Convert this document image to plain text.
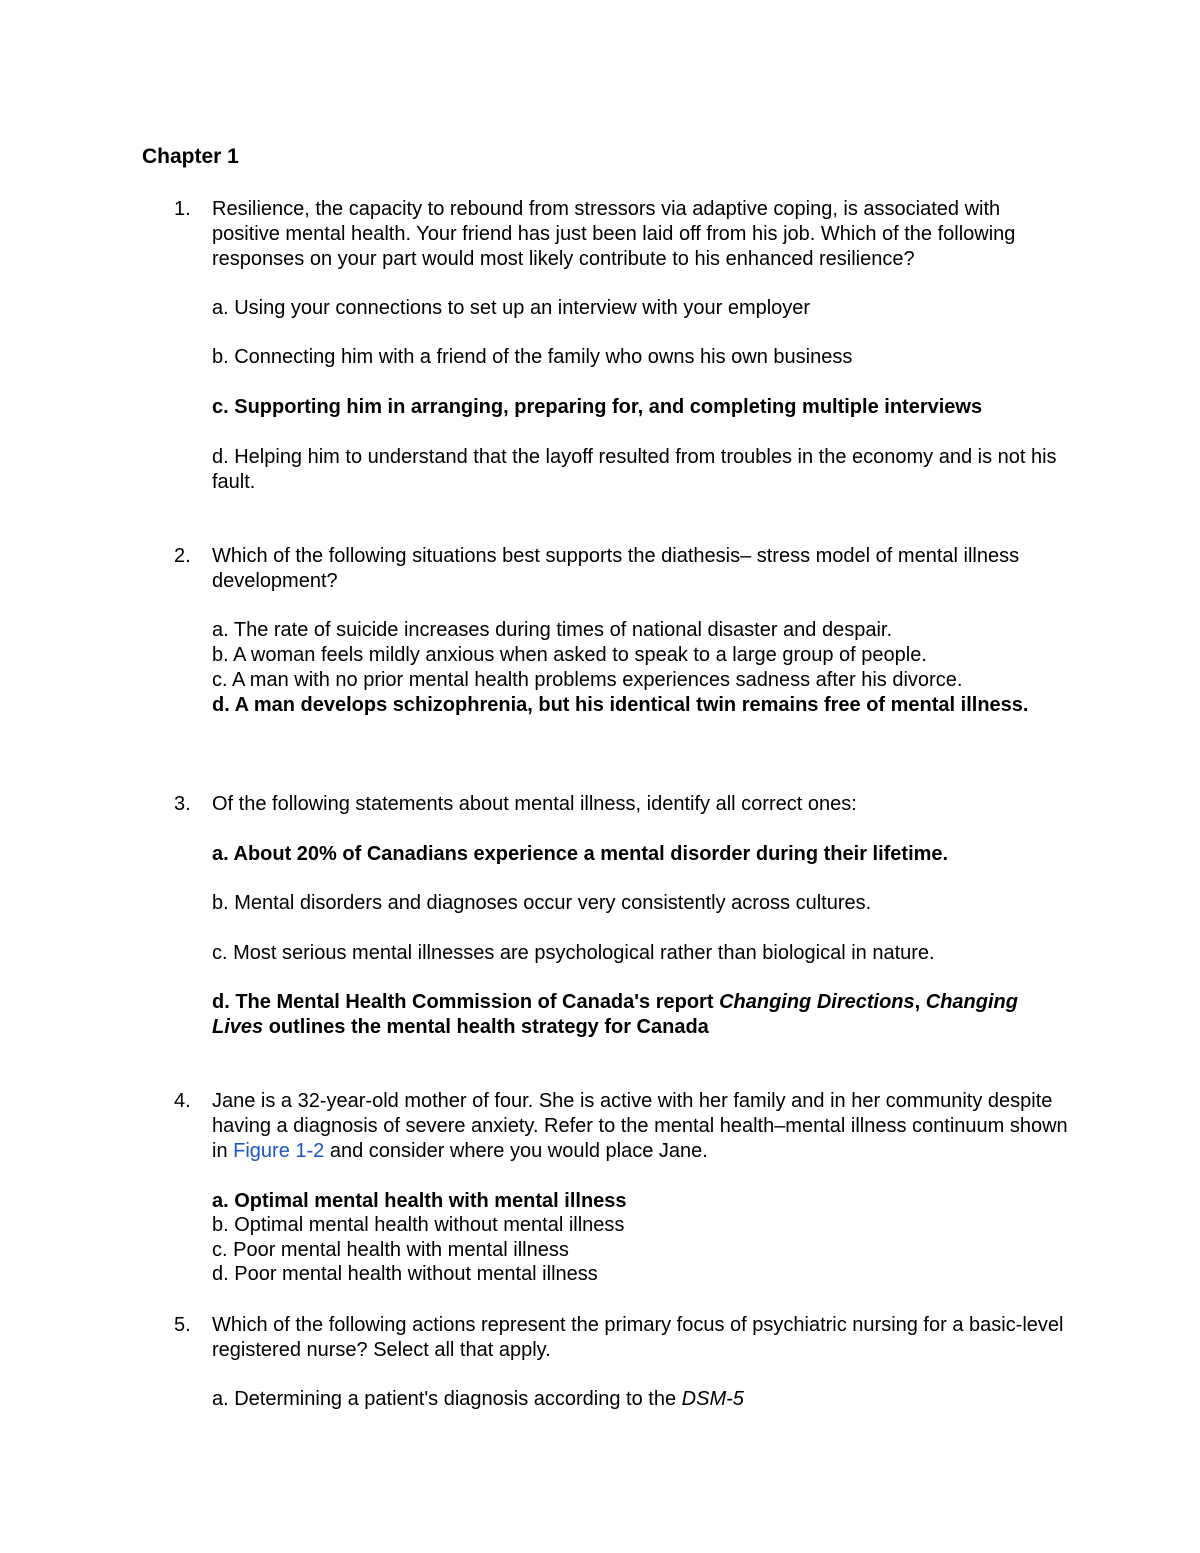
Chapter 1
1.	Resilience, the capacity to rebound from stressors via adaptive coping, is associated with positive mental health. Your friend has just been laid off from his job. Which of the following responses on your part would most likely contribute to his enhanced resilience?
a. Using your connections to set up an interview with your employer
b. Connecting him with a friend of the family who owns his own business
c. Supporting him in arranging, preparing for, and completing multiple interviews
d. Helping him to understand that the layoff resulted from troubles in the economy and is not his fault.
2.	Which of the following situations best supports the diathesis– stress model of mental illness development?
a. The rate of suicide increases during times of national disaster and despair.
b. A woman feels mildly anxious when asked to speak to a large group of people.
c. A man with no prior mental health problems experiences sadness after his divorce.
d. A man develops schizophrenia, but his identical twin remains free of mental illness.
3.	Of the following statements about mental illness, identify all correct ones:
a. About 20% of Canadians experience a mental disorder during their lifetime.
b. Mental disorders and diagnoses occur very consistently across cultures.
c. Most serious mental illnesses are psychological rather than biological in nature.
d. The Mental Health Commission of Canada's report Changing Directions, Changing Lives outlines the mental health strategy for Canada
4.	Jane is a 32-year-old mother of four. She is active with her family and in her community despite having a diagnosis of severe anxiety. Refer to the mental health–mental illness continuum shown in Figure 1-2 and consider where you would place Jane.
a. Optimal mental health with mental illness
b. Optimal mental health without mental illness
c. Poor mental health with mental illness
d. Poor mental health without mental illness
5.	Which of the following actions represent the primary focus of psychiatric nursing for a basic-level registered nurse? Select all that apply.
a. Determining a patient's diagnosis according to the DSM-5
